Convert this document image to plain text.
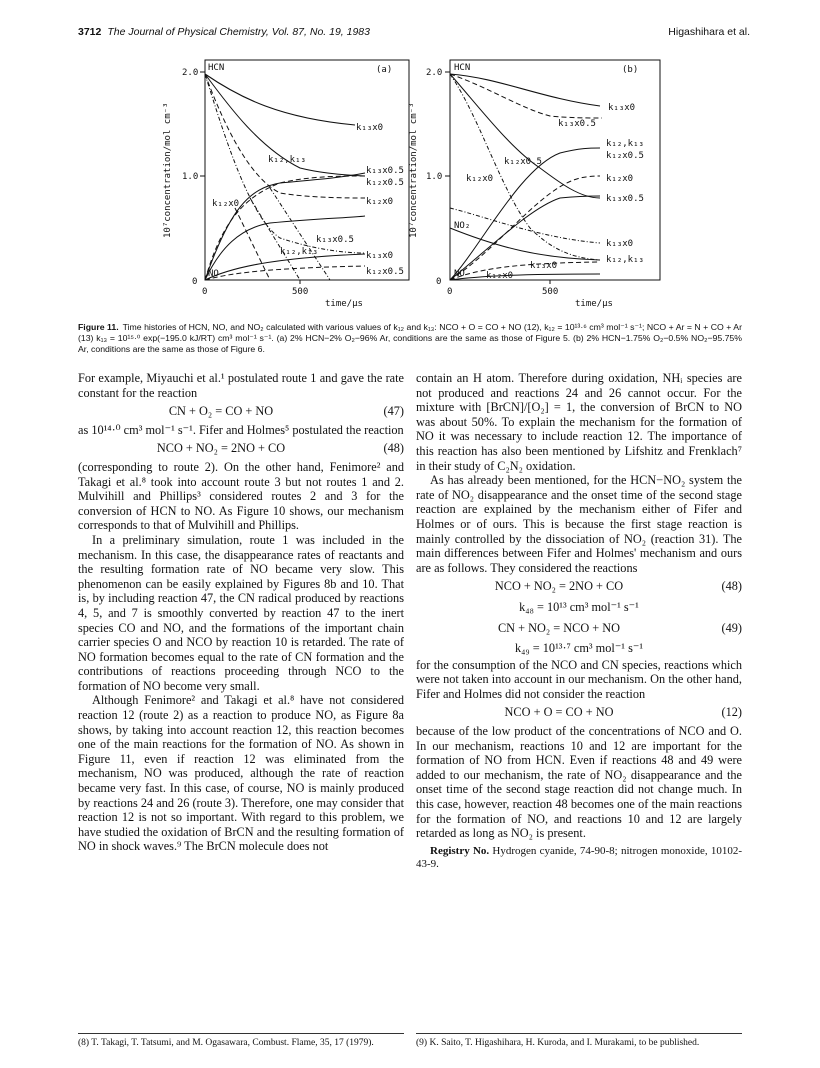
3712 The Journal of Physical Chemistry, Vol. 87, No. 19, 1983	Higashihara et al.
HCN	(a)
2.0
1.0
0
0	500
time/μs
10⁷concentration/mol cm⁻³	k₁₃x0
k₁₂,k₁₃
k₁₃x0.5
k₁₂x0.5
k₁₂x0
k₁₂x0
k₁₃x0.5
k₁₂,k₁₃	k₁₃x0
k₁₂x0.5
NO
HCN	(b)
2.0
1.0
0
0	500
time/μs
10⁷concentration/mol cm⁻³	k₁₃x0
k₁₃x0.5
k₁₂,k₁₃
k₁₂x0.5
k₁₂x0.5
k₁₂x0
k₁₂x0
k₁₃x0.5
NO₂
k₁₃x0
k₁₂,k₁₃
k₁₃x0
NO k₁₂x0
Figure 11. Time histories of HCN, NO, and NO₂ calculated with various values of k₁₂ and k₁₃: NCO + O = CO + NO (12), k₁₂ = 10¹³·⁶ cm³ mol⁻¹ s⁻¹; NCO + Ar = N + CO + Ar (13) k₁₃ = 10¹⁵·⁰ exp(−195.0 kJ/RT) cm³ mol⁻¹ s⁻¹. (a) 2% HCN−2% O₂−96% Ar, conditions are the same as those of Figure 5. (b) 2% HCN−1.75% O₂−0.5% NO₂−95.75% Ar, conditions are the same as those of Figure 6.

For example, Miyauchi et al.¹ postulated route 1 and gave the rate constant for the reaction

CN + O₂ = CO + NO	(47)

as 10¹⁴·⁰ cm³ mol⁻¹ s⁻¹. Fifer and Holmes⁵ postulated the reaction

NCO + NO₂ = 2NO + CO	(48)

(corresponding to route 2). On the other hand, Fenimore² and Takagi et al.⁸ took into account route 3 but not routes 1 and 2. Mulvihill and Phillips³ considered routes 2 and 3 for the conversion of HCN to NO. As Figure 10 shows, our mechanism corresponds to that of Mulvihill and Phillips.

In a preliminary simulation, route 1 was included in the mechanism. In this case, the disappearance rates of reactants and the resulting formation rate of NO became very slow. This phenomenon can be easily explained by Figures 8b and 10. That is, by including reaction 47, the CN radical produced by reactions 4, 5, and 7 is smoothly converted by reaction 47 to the inert species CO and NO, and the formations of the important chain carrier species O and NCO by reaction 10 is retarded. The rate of NO formation becomes equal to the rate of CN formation and the contributions of reactions proceeding through NCO to the formation of NO become very small.

Although Fenimore² and Takagi et al.⁸ have not considered reaction 12 (route 2) as a reaction to produce NO, as Figure 8a shows, by taking into account reaction 12, this reaction becomes one of the main reactions for the formation of NO. As shown in Figure 11, even if reaction 12 was eliminated from the mechanism, NO was produced, although the rate of reaction became very fast. In this case, of course, NO is mainly produced by reactions 24 and 26 (route 3). Therefore, one may consider that reaction 12 is not so important. With regard to this problem, we have studied the oxidation of BrCN and the resulting formation of NO in shock waves.⁹ The BrCN molecule does not

contain an H atom. Therefore during oxidation, NHᵢ species are not produced and reactions 24 and 26 cannot occur. For the mixture with [BrCN]/[O₂] = 1, the conversion of BrCN to NO was about 50%. To explain the mechanism for the formation of NO it was necessary to include reaction 12. The importance of this reaction has also been mentioned by Lifshitz and Frenklach⁷ in their study of C₂N₂ oxidation.

As has already been mentioned, for the HCN−NO₂ system the rate of NO₂ disappearance and the onset time of the second stage reaction are explained by the mechanism either of Fifer and Holmes or of ours. This is because the first stage reaction is mainly controlled by the dissociation of NO₂ (reaction 31). The main differences between Fifer and Holmes' mechanism and ours are as follows. They considered the reactions

NCO + NO₂ = 2NO + CO	(48)
k₄₈ = 10¹³ cm³ mol⁻¹ s⁻¹
CN + NO₂ = NCO + NO	(49)
k₄₉ = 10¹³·⁷ cm³ mol⁻¹ s⁻¹

for the consumption of the NCO and CN species, reactions which were not taken into account in our mechanism. On the other hand, Fifer and Holmes did not consider the reaction

NCO + O = CO + NO	(12)

because of the low product of the concentrations of NCO and O. In our mechanism, reactions 10 and 12 are important for the formation of NO from HCN. Even if reactions 48 and 49 were added to our mechanism, the rate of NO₂ disappearance and the onset time of the second stage reaction did not change much. In this case, however, reaction 48 becomes one of the main reactions for the formation of NO, and reactions 10 and 12 are largely retarded as long as NO₂ is present.

Registry No. Hydrogen cyanide, 74-90-8; nitrogen monoxide, 10102-43-9.

(8) T. Takagi, T. Tatsumi, and M. Ogasawara, Combust. Flame, 35, 17 (1979).	(9) K. Saito, T. Higashihara, H. Kuroda, and I. Murakami, to be published.
